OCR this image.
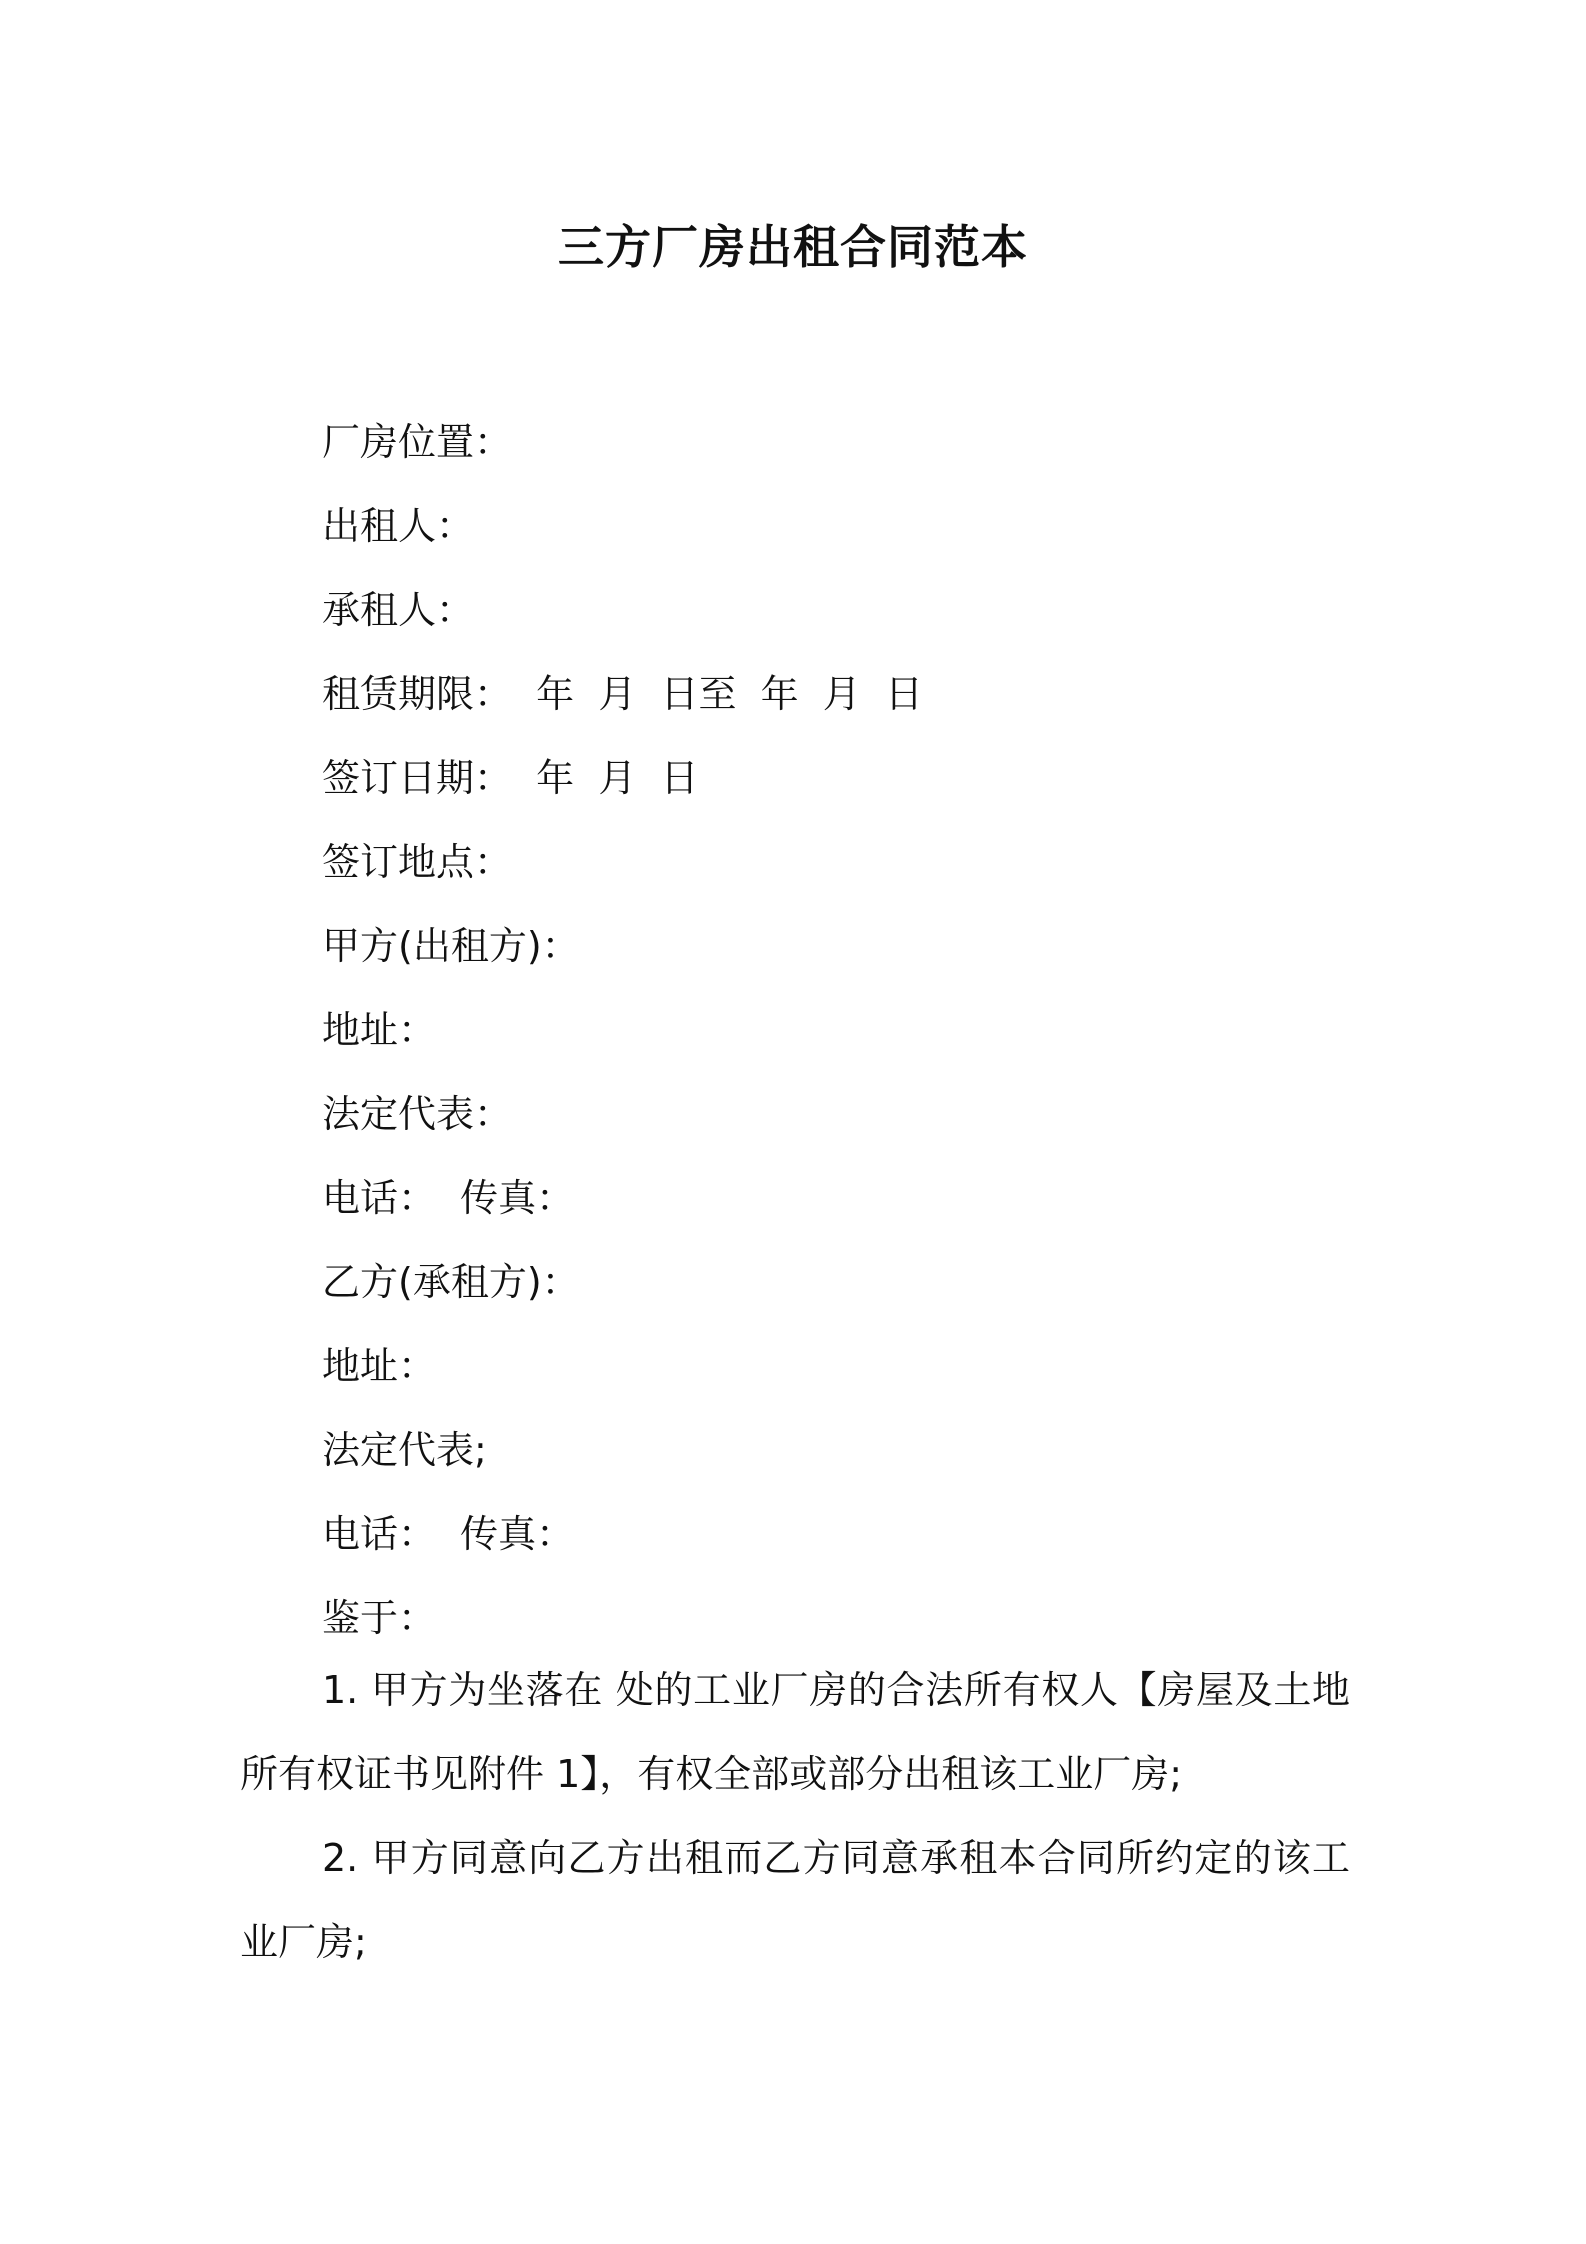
三方厂房出租合同范本
厂房位置：
出租人：
承租人：
租赁期限：  年  月  日至  年  月  日
签订日期：  年  月  日
签订地点：
甲方(出租方)：
地址：
法定代表：
电话：  传真：
乙方(承租方)：
地址：
法定代表;
电话：  传真：
鉴于：

1. 甲方为坐落在 处的工业厂房的合法所有权人【房屋及土地所有权证书见附件 1】，有权全部或部分出租该工业厂房;

2. 甲方同意向乙方出租而乙方同意承租本合同所约定的该工业厂房;
